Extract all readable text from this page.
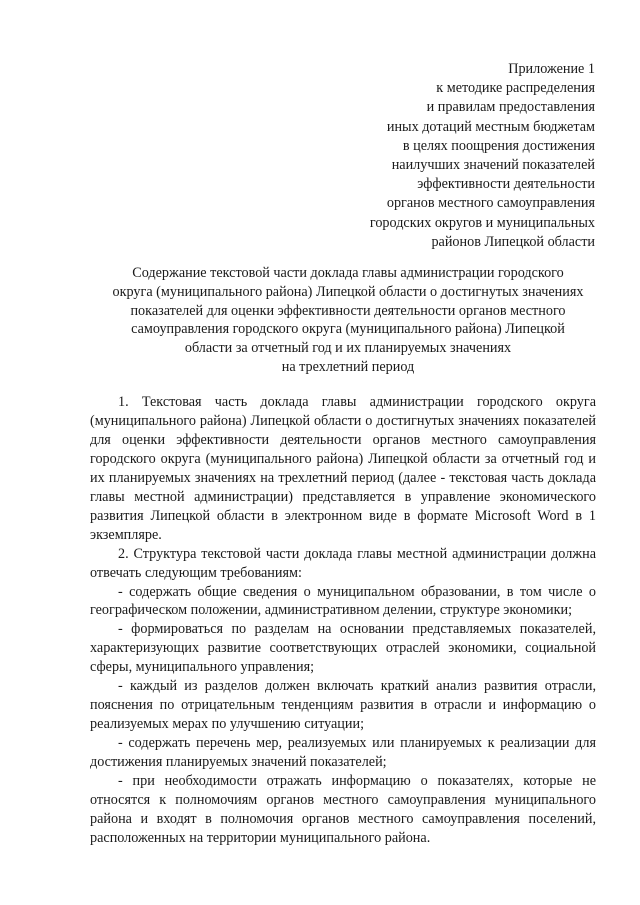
Приложение 1
к методике распределения
и правилам предоставления
иных дотаций местным бюджетам
в целях поощрения достижения
наилучших значений показателей
эффективности деятельности
органов местного самоуправления
городских округов и муниципальных
районов Липецкой области
Содержание текстовой части доклада главы администрации городского
округа (муниципального района) Липецкой области о достигнутых значениях
показателей для оценки эффективности деятельности органов местного
самоуправления городского округа (муниципального района) Липецкой
области за отчетный год и их планируемых значениях
на трехлетний период

1. Текстовая часть доклада главы администрации городского округа (муниципального района) Липецкой области о достигнутых значениях показателей для оценки эффективности деятельности органов местного самоуправления городского округа (муниципального района) Липецкой области за отчетный год и их планируемых значениях на трехлетний период (далее - текстовая часть доклада главы местной администрации) представляется в управление экономического развития Липецкой области в электронном виде в формате Microsoft Word в 1 экземпляре.

2. Структура текстовой части доклада главы местной администрации должна отвечать следующим требованиям:

- содержать общие сведения о муниципальном образовании, в том числе о географическом положении, административном делении, структуре экономики;

- формироваться по разделам на основании представляемых показателей, характеризующих развитие соответствующих отраслей экономики, социальной сферы, муниципального управления;

- каждый из разделов должен включать краткий анализ развития отрасли, пояснения по отрицательным тенденциям развития в отрасли и информацию о реализуемых мерах по улучшению ситуации;

- содержать перечень мер, реализуемых или планируемых к реализации для достижения планируемых значений показателей;

- при необходимости отражать информацию о показателях, которые не относятся к полномочиям органов местного самоуправления муниципального района и входят в полномочия органов местного самоуправления поселений, расположенных на территории муниципального района.
